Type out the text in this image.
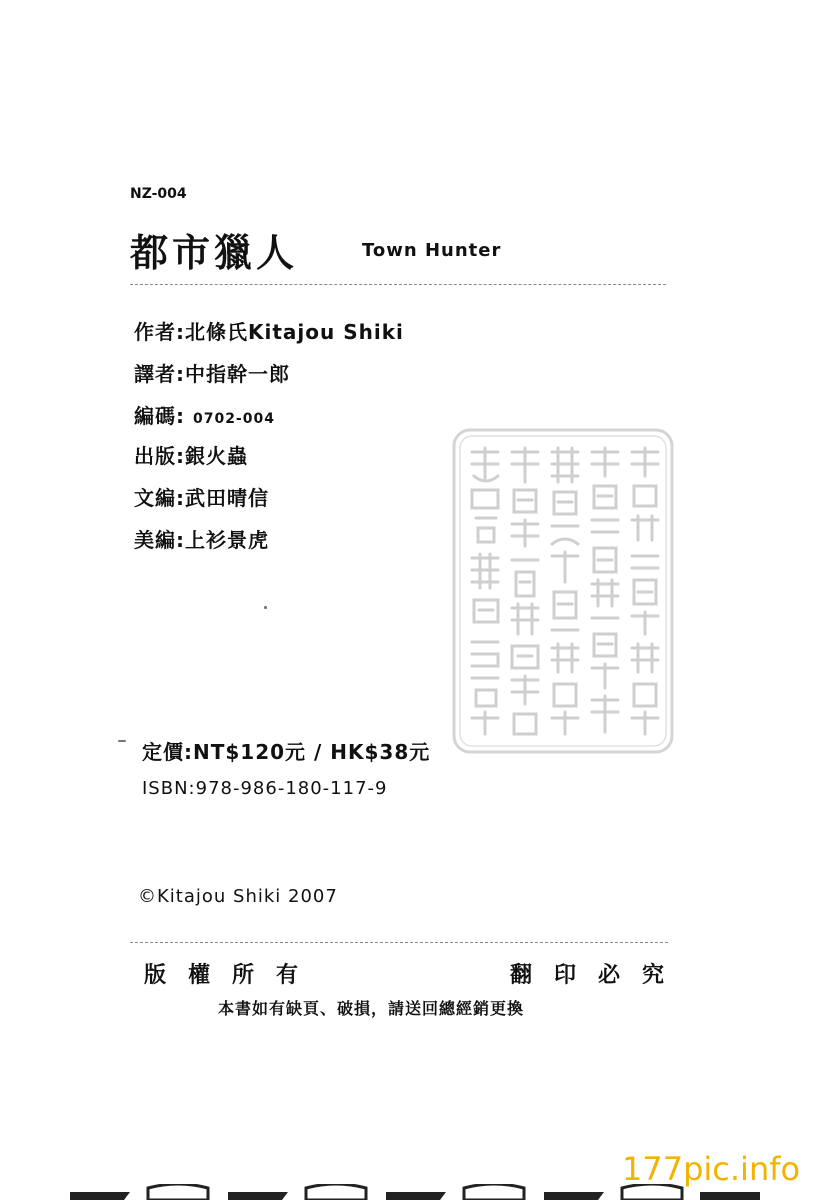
NZ-004
都市獵人	Town Hunter
作者:北條氏Kitajou Shiki
譯者:中指幹一郎
編碼: 0702-004
出版:銀火蟲
文編:武田晴信
美編:上衫景虎
定價:NT$120元 / HK$38元
ISBN:978-986-180-117-9
©Kitajou Shiki 2007
版 權 所 有	翻 印 必 究
本書如有缺頁、破損，請送回總經銷更換
177pic.info
